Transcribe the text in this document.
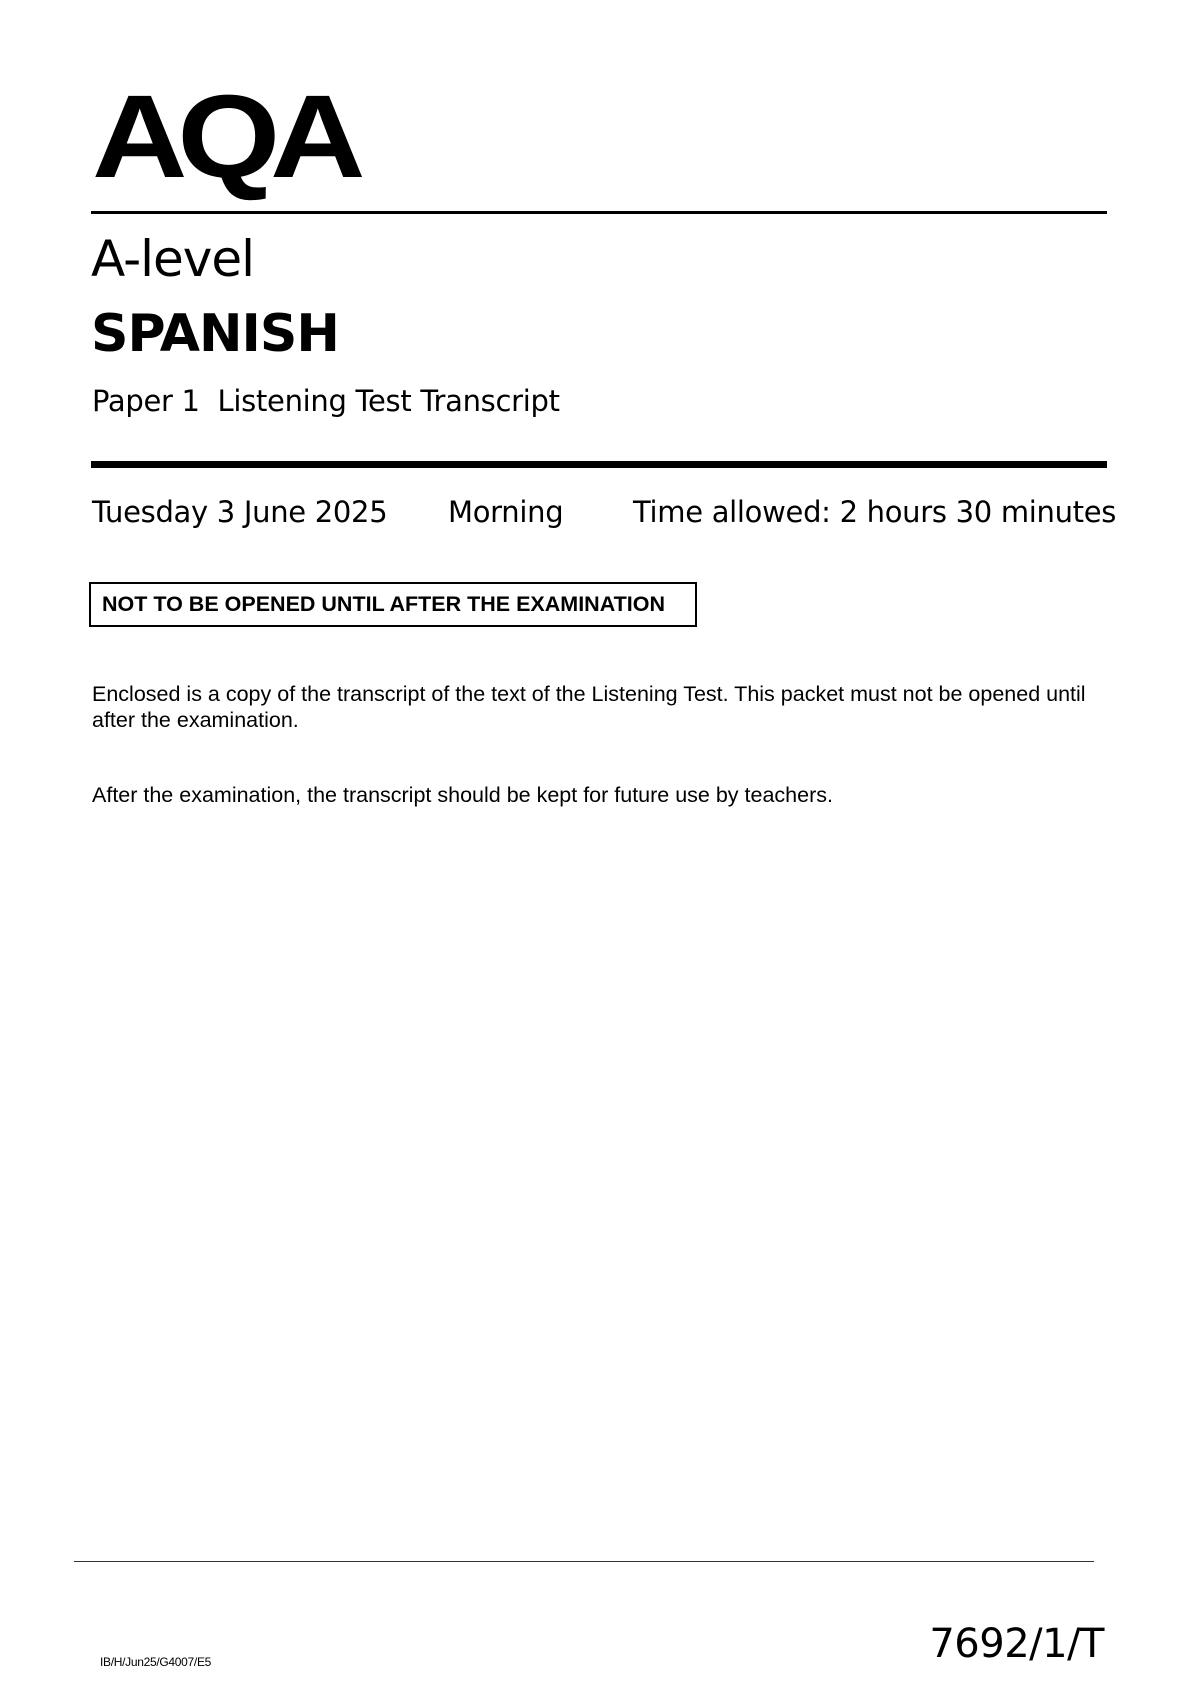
AQA
A-level
SPANISH
Paper 1  Listening Test Transcript
Tuesday 3 June 2025 Morning Time allowed: 2 hours 30 minutes
NOT TO BE OPENED UNTIL AFTER THE EXAMINATION
Enclosed is a copy of the transcript of the text of the Listening Test. This packet must not be opened until after the examination.
After the examination, the transcript should be kept for future use by teachers.
IB/H/Jun25/G4007/E5	7692/1/T
